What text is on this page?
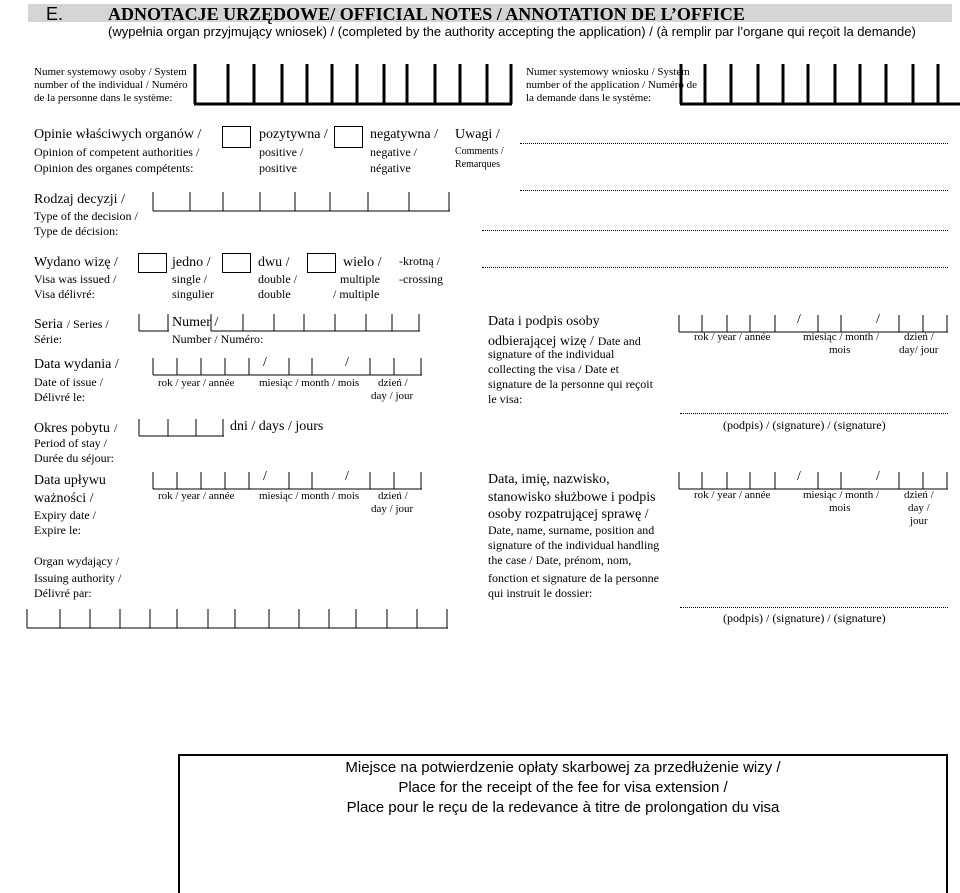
E. ADNOTACJE URZĘDOWE/ OFFICIAL NOTES / ANNOTATION DE L’OFFICE
(wypełnia organ przyjmujący wniosek) / (completed by the authority accepting the application) / (à remplir par l’organe qui reçoit la demande)
Numer systemowy osoby / System
number of the individual / Numéro
de la personne dans le système:
Numer systemowy wniosku / System
number of the application / Numéro de
la demande dans le système:
Opinie właściwych organów /
Opinion of competent authorities /
Opinion des organes compétents:
pozytywna /
positive /
positive
negatywna /
negative /
négative
Uwagi /
Comments /
Remarques
Rodzaj decyzji /
Type of the decision /
Type de décision:
Wydano wizę /
Visa was issued /
Visa délivré:
jedno /
single /
singulier
dwu /
double /
double
wielo /
multiple
/ multiple
-krotną /
-crossing
Seria / Series /
Série:
Numer /
Number / Numéro:
Data wydania /
Date of issue /
Délivré le:
/	/
rok / year / année miesiąc / month / mois dzień /
day / jour
Okres pobytu /
Period of stay /
Durée du séjour:
dni / days / jours
Data upływu
ważności /
Expiry date /
Expire le:
/	/
rok / year / année miesiąc / month / mois dzień /
day / jour
Organ wydający /
Issuing authority /
Délivré par:
Data i podpis osoby
odbierającej wizę / Date and
signature of the individual
collecting the visa / Date et
signature de la personne qui reçoit
le visa:
/	/
rok / year / année	miesiąc / month /
mois
dzień /
day/ jour
(podpis) / (signature) / (signature)
Data, imię, nazwisko,
stanowisko służbowe i podpis
osoby rozpatrującej sprawę /
Date, name, surname, position and
signature of the individual handling
the case / Date, prénom, nom,
fonction et signature de la personne
qui instruit le dossier:
/	/
rok / year / année	miesiąc / month /
mois
dzień /
day /
jour
(podpis) / (signature) / (signature)
Miejsce na potwierdzenie opłaty skarbowej za przedłużenie wizy /
Place for the receipt of the fee for visa extension /
Place pour le reçu de la redevance à titre de prolongation du visa
